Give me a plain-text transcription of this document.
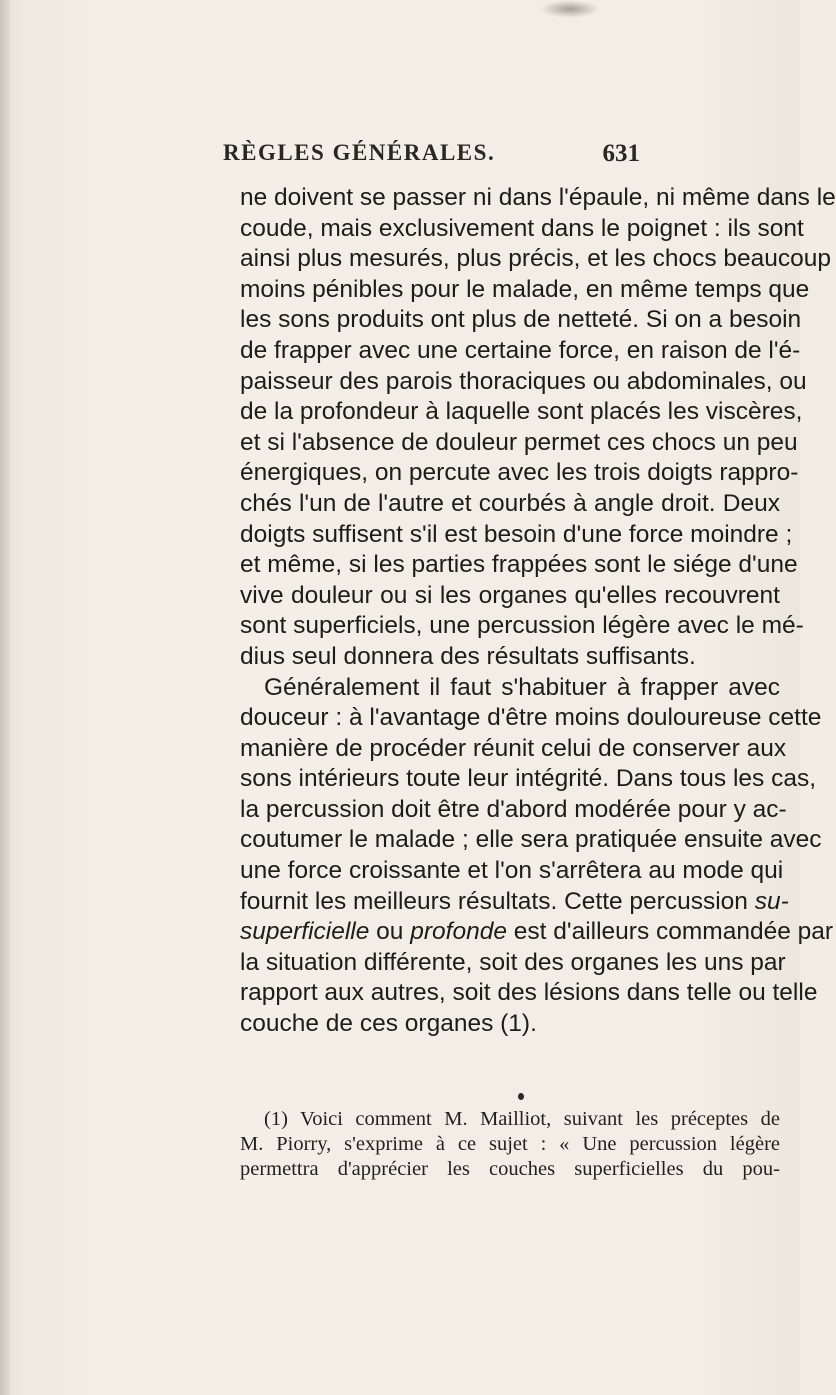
RÈGLES GÉNÉRALES.	631
ne doivent se passer ni dans l'épaule, ni même dans le
coude, mais exclusivement dans le poignet : ils sont
ainsi plus mesurés, plus précis, et les chocs beaucoup
moins pénibles pour le malade, en même temps que
les sons produits ont plus de netteté. Si on a besoin
de frapper avec une certaine force, en raison de l'é-
paisseur des parois thoraciques ou abdominales, ou
de la profondeur à laquelle sont placés les viscères,
et si l'absence de douleur permet ces chocs un peu
énergiques, on percute avec les trois doigts rappro-
chés l'un de l'autre et courbés à angle droit. Deux
doigts suffisent s'il est besoin d'une force moindre ;
et même, si les parties frappées sont le siége d'une
vive douleur ou si les organes qu'elles recouvrent
sont superficiels, une percussion légère avec le mé-
dius seul donnera des résultats suffisants.
Généralement il faut s'habituer à frapper avec
douceur : à l'avantage d'être moins douloureuse cette
manière de procéder réunit celui de conserver aux
sons intérieurs toute leur intégrité. Dans tous les cas,
la percussion doit être d'abord modérée pour y ac-
coutumer le malade ; elle sera pratiquée ensuite avec
une force croissante et l'on s'arrêtera au mode qui
fournit les meilleurs résultats. Cette percussion su-
superficielle ou profonde est d'ailleurs commandée par
la situation différente, soit des organes les uns par
rapport aux autres, soit des lésions dans telle ou telle
couche de ces organes (1).
(1) Voici comment M. Mailliot, suivant les préceptes de
M. Piorry, s'exprime à ce sujet : « Une percussion légère
permettra d'apprécier les couches superficielles du pou-
